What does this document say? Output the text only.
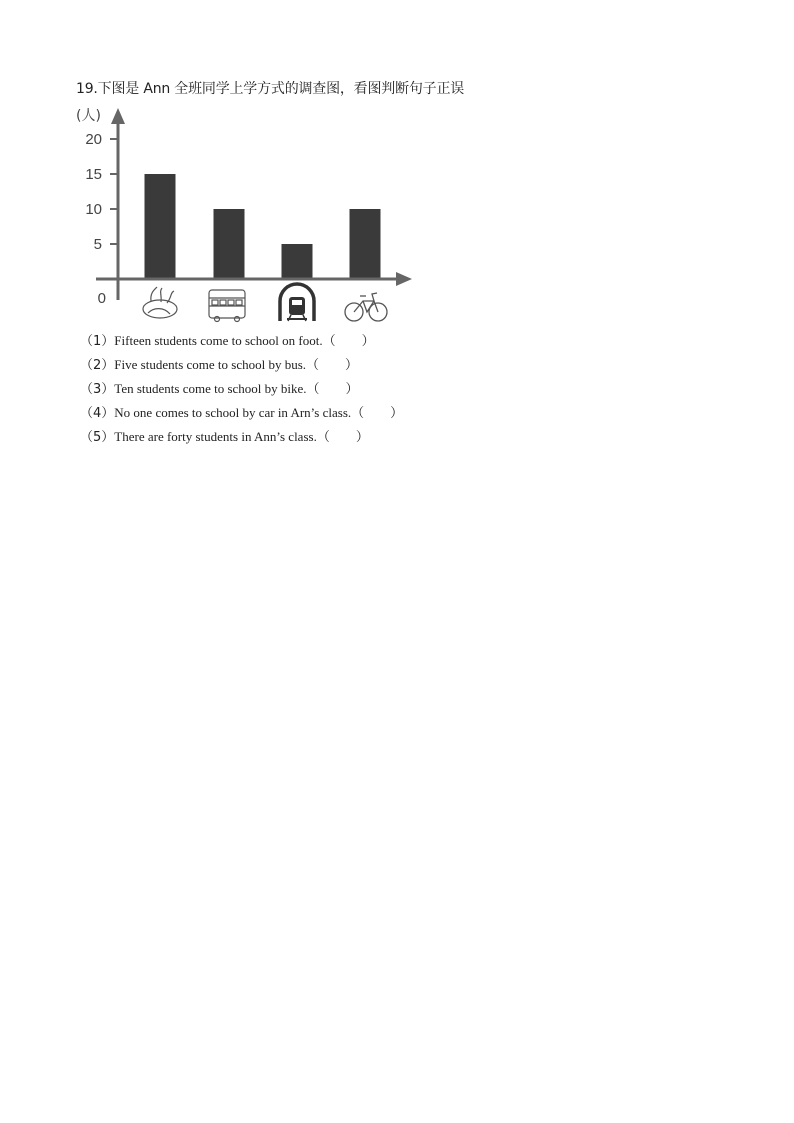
19.下图是 Ann 全班同学上学方式的调查图，看图判断句子正误
(人)
0
5
10
15
20
（1）Fifteen students come to school on foot.（　　）
（2）Five students come to school by bus.（　　）
（3）Ten students come to school by bike.（　　）
（4）No one comes to school by car in Arn’s class.（　　）
（5）There are forty students in Ann’s class.（　　）
